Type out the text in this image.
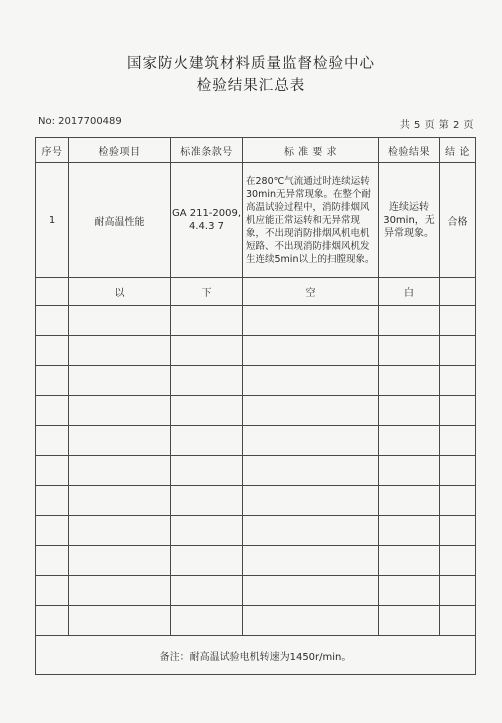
国家防火建筑材料质量监督检验中心
检验结果汇总表
No: 2017700489	共 5 页 第 2 页
序号	检验项目	标准条款号	标 准 要 求	检验结果	结 论
1	耐高温性能	GA 211-2009, 4.4.3 7	在280℃气流通过时连续运转30min无异常现象。在整个耐高温试验过程中，消防排烟风机应能正常运转和无异常现象，不出现消防排烟风机电机短路、不出现消防排烟风机发生连续5min以上的扫膛现象。	连续运转30min，无异常现象。	合格
	以	下	空	白	

备注：耐高温试验电机转速为1450r/min。					
